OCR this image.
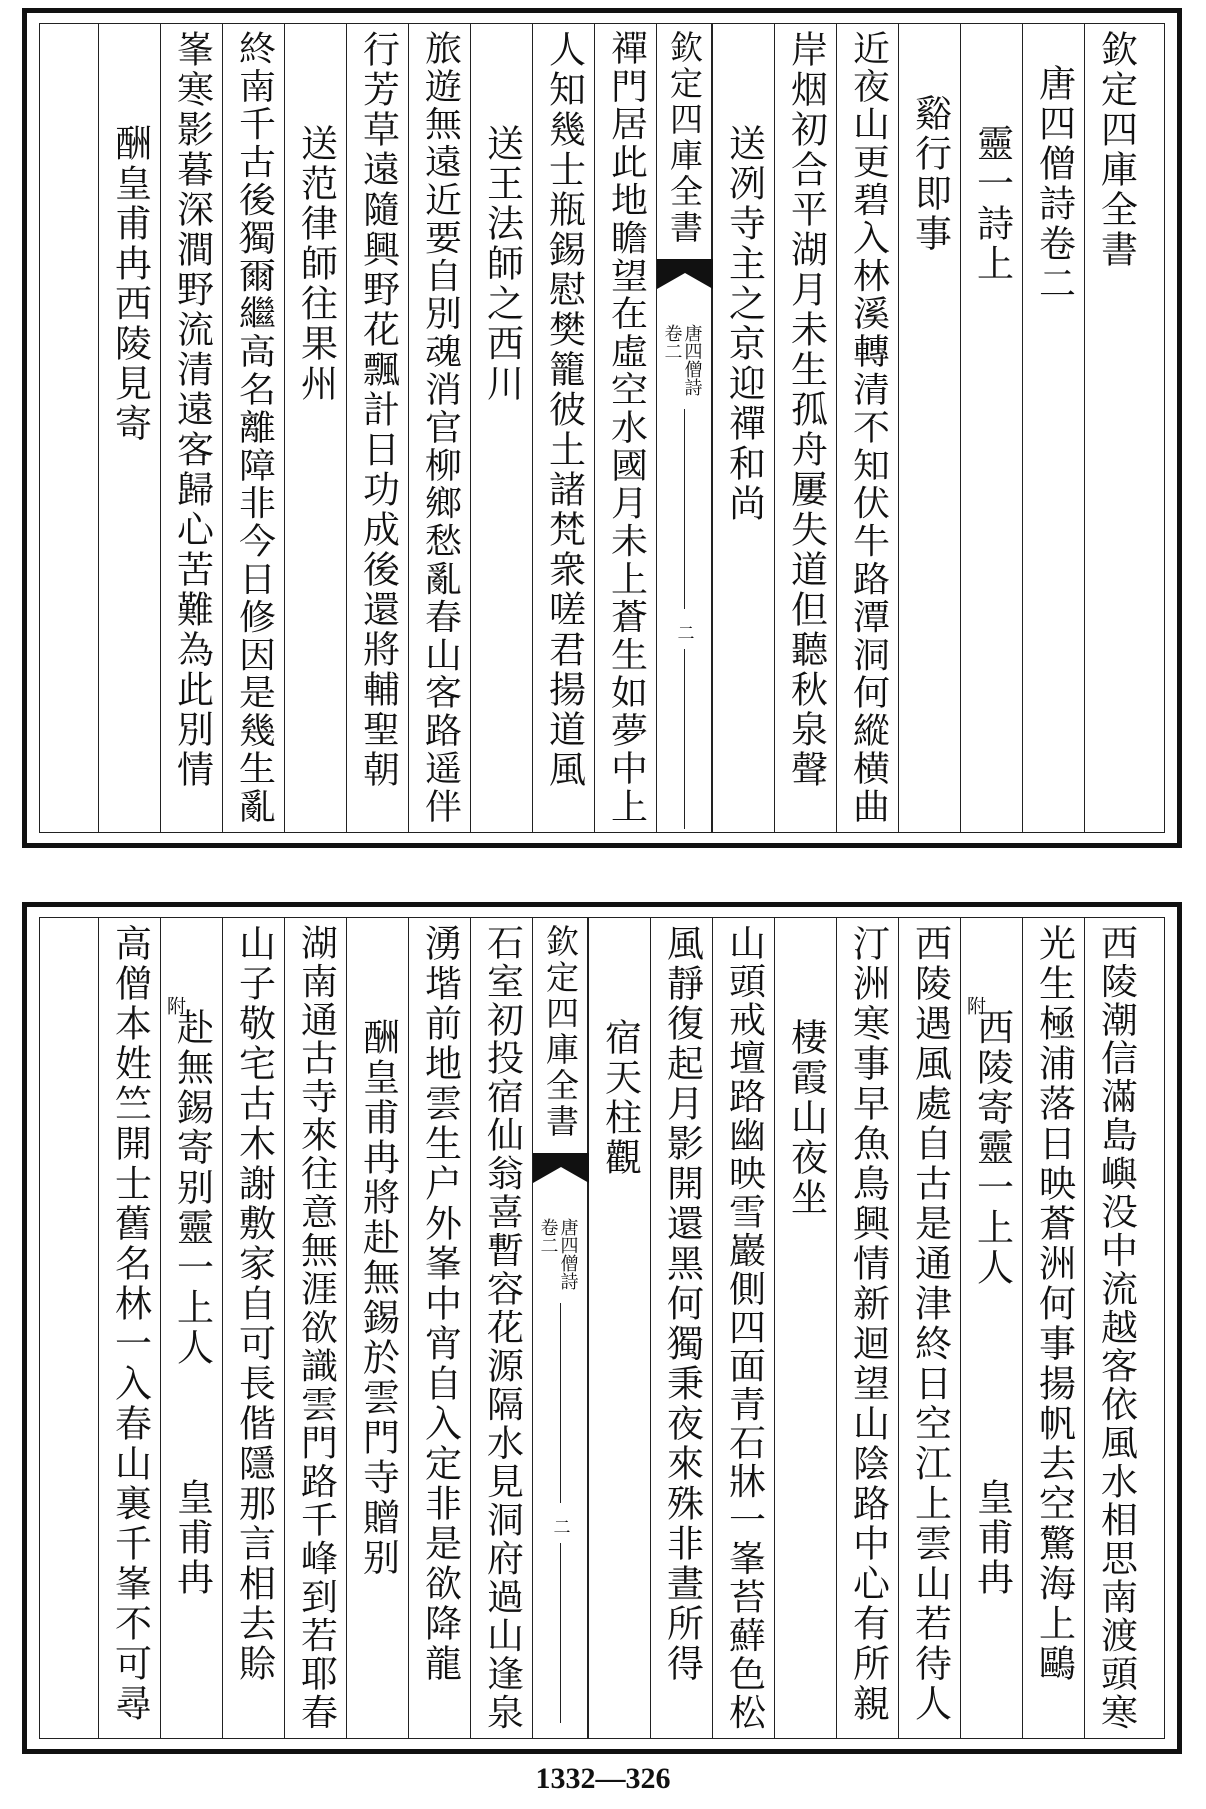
欽定四庫全書
唐四僧詩卷二
靈一詩上
谿行即事
近夜山更碧入林溪轉清不知伏牛路潭洞何縱横曲
岸烟初合平湖月未生孤舟屢失道但聽秋泉聲
送冽寺主之京迎禪和尚
欽定四庫全書
唐四僧詩
卷二
二
禪門居此地瞻望在虛空水國月未上蒼生如夢中上
人知幾士瓶錫慰樊籠彼土諸梵衆嗟君揚道風
送王法師之西川
旅遊無遠近要自別魂消官柳鄉愁亂春山客路遥伴
行芳草遠隨興野花飄計日功成後還將輔聖朝
送范律師往果州
終南千古後獨爾繼高名離障非今日修因是幾生亂
峯寒影暮深澗野流清遠客歸心苦難為此別情
酬皇甫冉西陵見寄
西陵潮信滿島嶼没中流越客依風水相思南渡頭寒
光生極浦落日映蒼洲何事揚帆去空驚海上鷗
附
皇甫冉
西陵寄靈一上人
西陵遇風處自古是通津終日空江上雲山若待人
汀洲寒事早魚鳥興情新迴望山陰路中心有所親
棲霞山夜坐
山頭戒壇路幽映雪巖側四面青石牀一峯苔蘚色松
風靜復起月影開還黑何獨秉夜來殊非晝所得
宿天柱觀
欽定四庫全書
唐四僧詩
卷二
二
石室初投宿仙翁喜暫容花源隔水見洞府過山逢泉
湧堦前地雲生户外峯中宵自入定非是欲降龍
酬皇甫冉將赴無錫於雲門寺贈别
湖南通古寺來往意無涯欲識雲門路千峰到若耶春
山子敬宅古木謝敷家自可長偕隱那言相去賒
附
皇甫冉
赴無錫寄别靈一上人
高僧本姓竺開士舊名林一入春山裏千峯不可尋
1332—326
